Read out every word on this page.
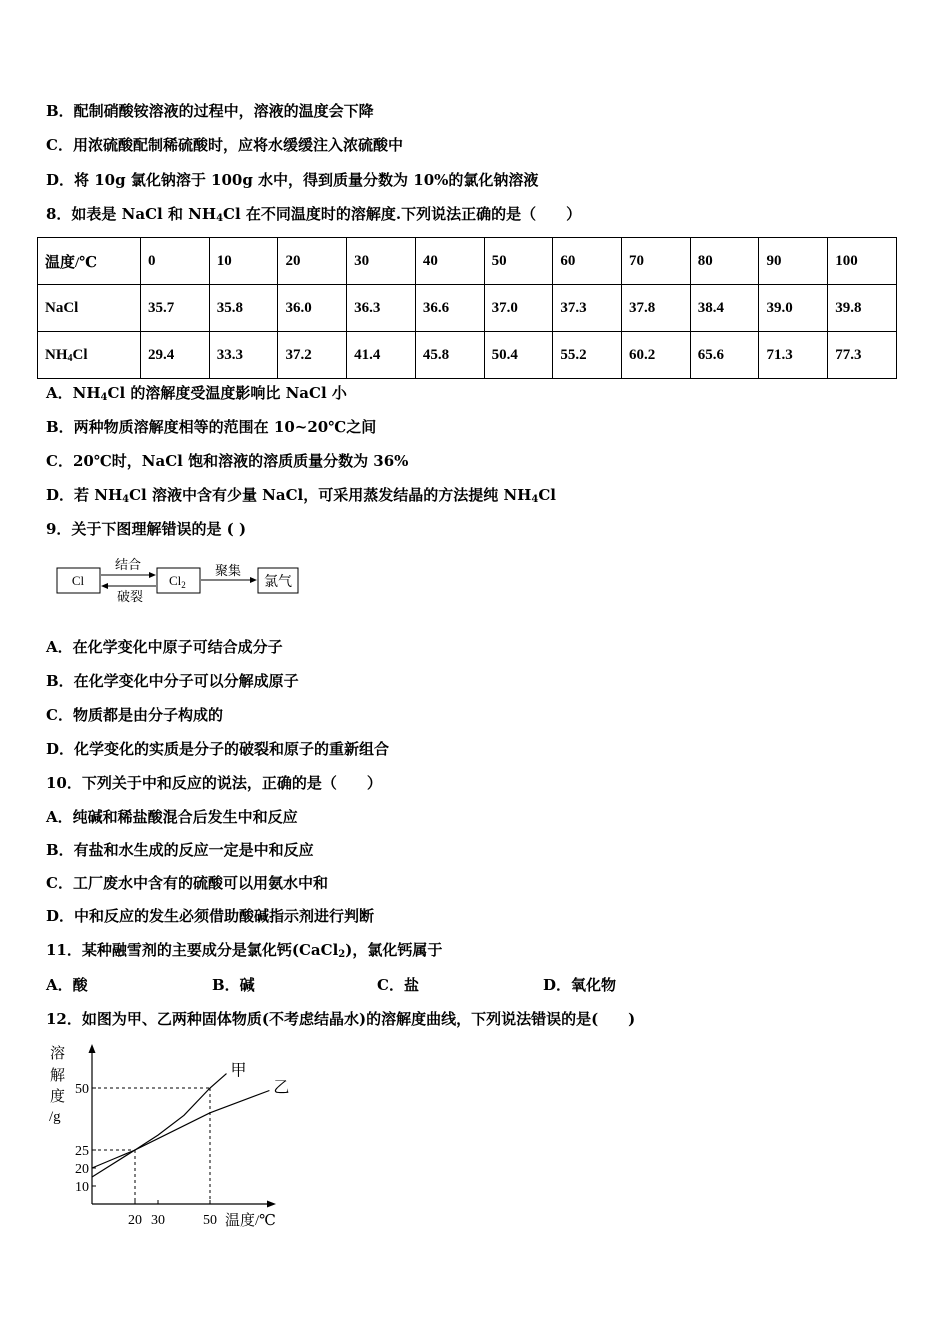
B．配制硝酸铵溶液的过程中，溶液的温度会下降
C．用浓硫酸配制稀硫酸时，应将水缓缓注入浓硫酸中
D．将 10g 氯化钠溶于 100g 水中，得到质量分数为 10%的氯化钠溶液
8．如表是 NaCl 和 $NH_4Cl$ 在不同温度时的溶解度.下列说法正确的是（　　）
温度/℃	0	10	20	30	40	50	60	70	80	90	100
NaCl	35.7	35.8	36.0	36.3	36.6	37.0	37.3	37.8	38.4	39.0	39.8
$NH_4Cl$	29.4	33.3	37.2	41.4	45.8	50.4	55.2	60.2	65.6	71.3	77.3
A．$NH_4Cl$ 的溶解度受温度影响比 NaCl 小
B．两种物质溶解度相等的范围在 10~20℃之间
C．20℃时，NaCl 饱和溶液的溶质质量分数为 36%
D．若 $NH_4Cl$ 溶液中含有少量 NaCl，可采用蒸发结晶的方法提纯 $NH_4Cl$
9．关于下图理解错误的是 ( )
Cl
结合
破裂
$Cl_2$
聚集
氯气
A．在化学变化中原子可结合成分子
B．在化学变化中分子可以分解成原子
C．物质都是由分子构成的
D．化学变化的实质是分子的破裂和原子的重新组合
10．下列关于中和反应的说法，正确的是（　　）
A．纯碱和稀盐酸混合后发生中和反应
B．有盐和水生成的反应一定是中和反应
C．工厂废水中含有的硫酸可以用氨水中和
D．中和反应的发生必须借助酸碱指示剂进行判断
11．某种融雪剂的主要成分是氯化钙(CaCl$_2$)，氯化钙属于
A．酸	B．碱	C．盐	D．氧化物
12．如图为甲、乙两种固体物质(不考虑结晶水)的溶解度曲线，下列说法错误的是(　　)
溶
解
度
/g
温度/℃
10
20
25
50
20 30	50
甲
乙
